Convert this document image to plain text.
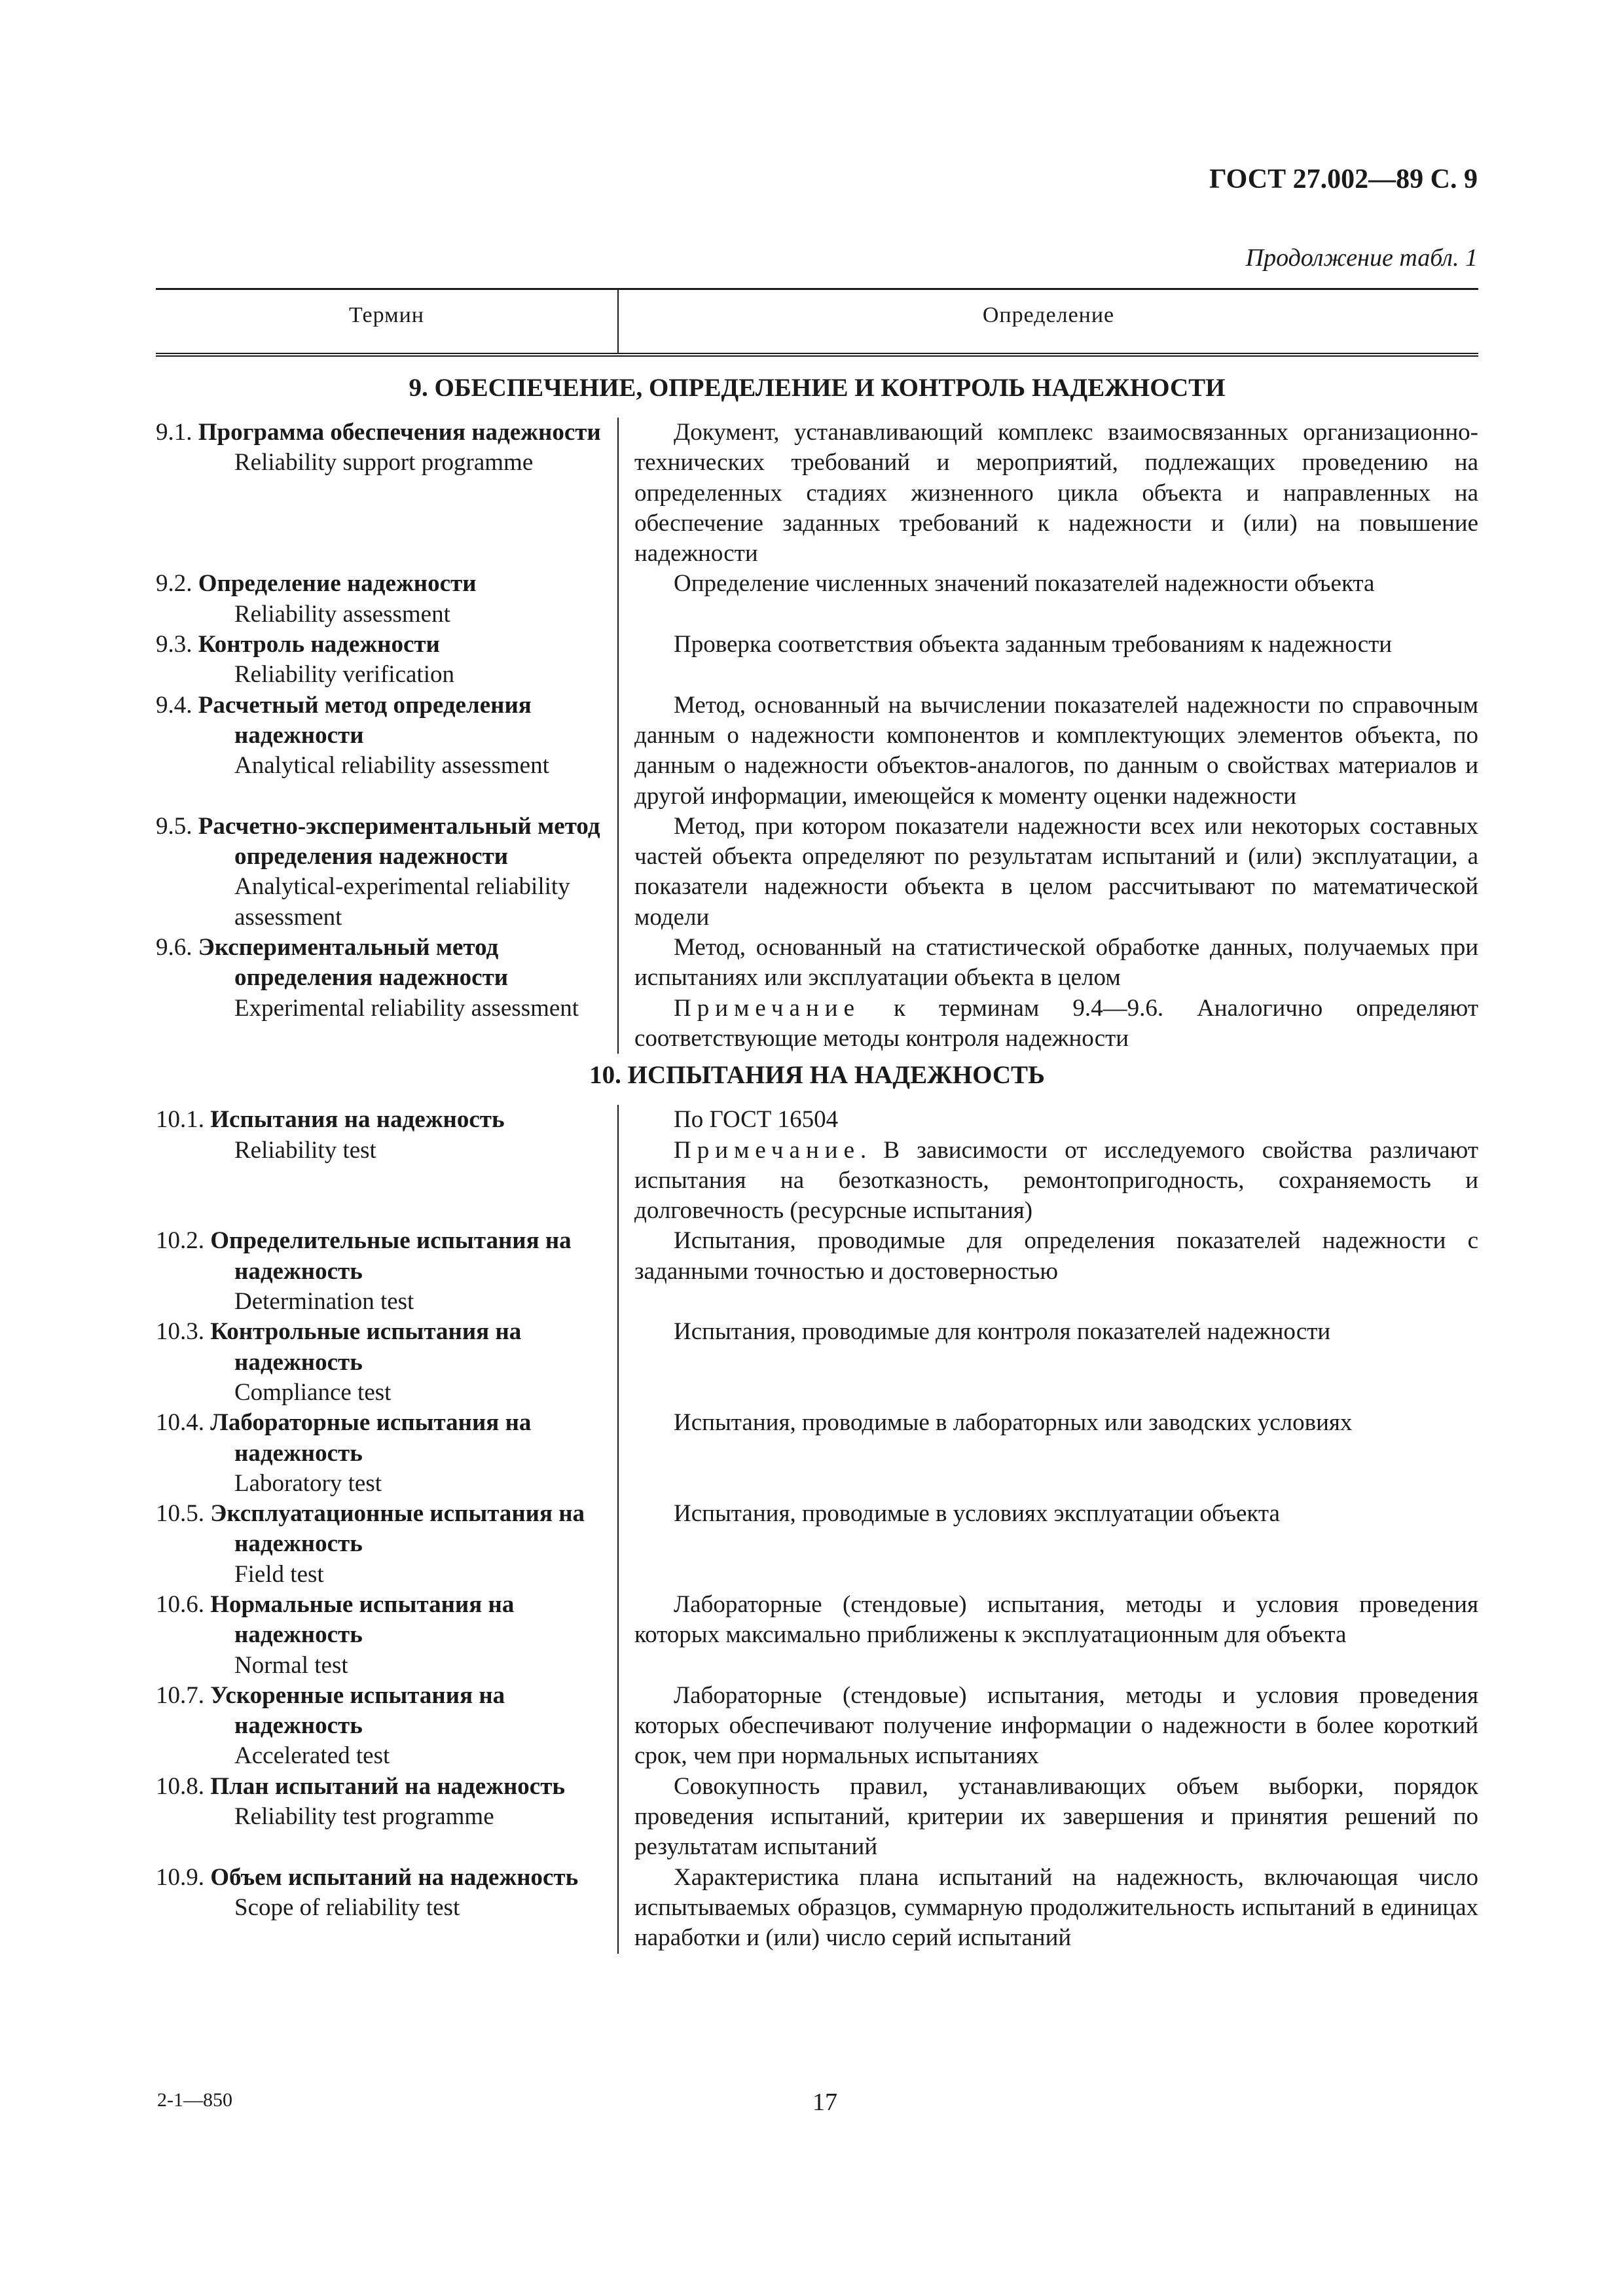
ГОСТ 27.002—89 С. 9
Продолжение табл. 1
Термин	Определение
9. ОБЕСПЕЧЕНИЕ, ОПРЕДЕЛЕНИЕ И КОНТРОЛЬ НАДЕЖНОСТИ
9.1. Программа обеспечения надежности
Reliability support programme
Документ, устанавливающий комплекс взаимосвязанных организационно-технических требований и мероприятий, подлежащих проведению на определенных стадиях жизненного цикла объекта и направленных на обеспечение заданных требований к надежности и (или) на повышение надежности
9.2. Определение надежности
Reliability assessment
Определение численных значений показателей надежности объекта
9.3. Контроль надежности
Reliability verification
Проверка соответствия объекта заданным требованиям к надежности
9.4. Расчетный метод определения надежности
Analytical reliability assessment
Метод, основанный на вычислении показателей надежности по справочным данным о надежности компонентов и комплектующих элементов объекта, по данным о надежности объектов-аналогов, по данным о свойствах материалов и другой информации, имеющейся к моменту оценки надежности
9.5. Расчетно-экспериментальный метод определения надежности
Analytical-experimental reliability assessment
Метод, при котором показатели надежности всех или некоторых составных частей объекта определяют по результатам испытаний и (или) эксплуатации, а показатели надежности объекта в целом рассчитывают по математической модели
9.6. Экспериментальный метод определения надежности
Experimental reliability assessment
Метод, основанный на статистической обработке данных, получаемых при испытаниях или эксплуатации объекта в целом
Примечание к терминам 9.4—9.6. Аналогично определяют соответствующие методы контроля надежности
10. ИСПЫТАНИЯ НА НАДЕЖНОСТЬ
10.1. Испытания на надежность
Reliability test
По ГОСТ 16504
Примечание. В зависимости от исследуемого свойства различают испытания на безотказность, ремонтопригодность, сохраняемость и долговечность (ресурсные испытания)
10.2. Определительные испытания на надежность
Determination test
Испытания, проводимые для определения показателей надежности с заданными точностью и достоверностью
10.3. Контрольные испытания на надежность
Compliance test
Испытания, проводимые для контроля показателей надежности
10.4. Лабораторные испытания на надежность
Laboratory test
Испытания, проводимые в лабораторных или заводских условиях
10.5. Эксплуатационные испытания на надежность
Field test
Испытания, проводимые в условиях эксплуатации объекта
10.6. Нормальные испытания на надежность
Normal test
Лабораторные (стендовые) испытания, методы и условия проведения которых максимально приближены к эксплуатационным для объекта
10.7. Ускоренные испытания на надежность
Accelerated test
Лабораторные (стендовые) испытания, методы и условия проведения которых обеспечивают получение информации о надежности в более короткий срок, чем при нормальных испытаниях
10.8. План испытаний на надежность
Reliability test programme
Совокупность правил, устанавливающих объем выборки, порядок проведения испытаний, критерии их завершения и принятия решений по результатам испытаний
10.9. Объем испытаний на надежность
Scope of reliability test
Характеристика плана испытаний на надежность, включающая число испытываемых образцов, суммарную продолжительность испытаний в единицах наработки и (или) число серий испытаний
2-1—850	17
